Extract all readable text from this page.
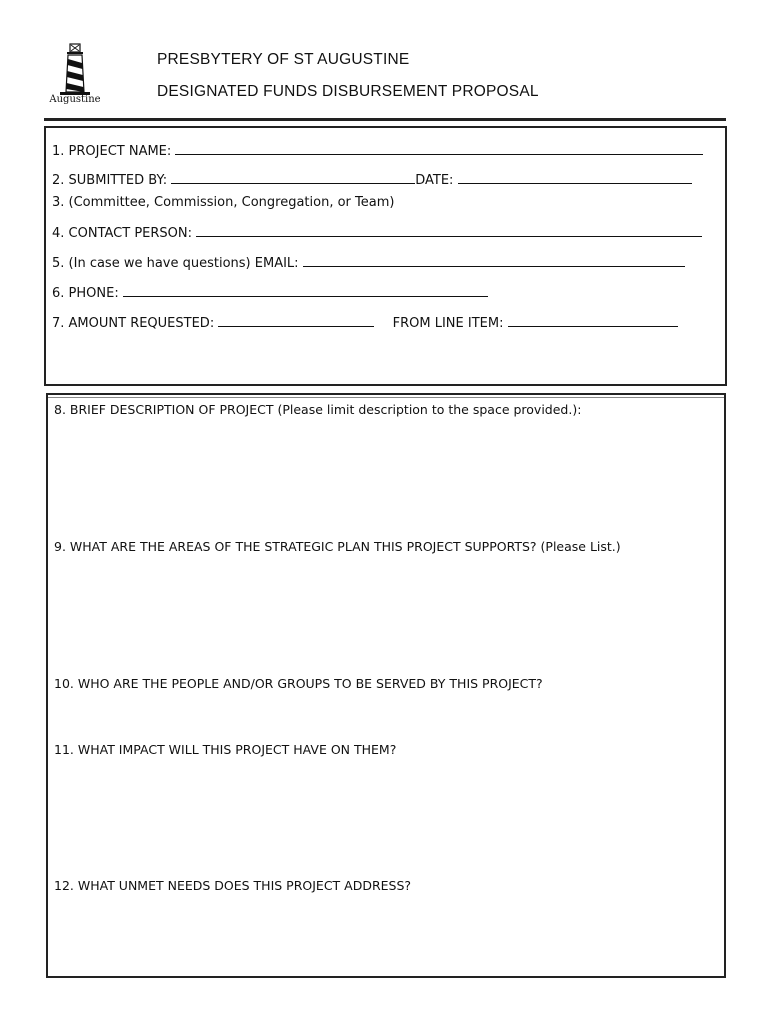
Augustine
PRESBYTERY OF ST AUGUSTINE
DESIGNATED FUNDS DISBURSEMENT PROPOSAL
1. PROJECT NAME:
2. SUBMITTED BY:	DATE:
3. (Committee, Commission, Congregation, or Team)
4. CONTACT PERSON:
5. (In case we have questions) EMAIL:
6. PHONE:
7. AMOUNT REQUESTED:	FROM LINE ITEM:
8. BRIEF DESCRIPTION OF PROJECT (Please limit description to the space provided.):
9. WHAT ARE THE AREAS OF THE STRATEGIC PLAN THIS PROJECT SUPPORTS? (Please List.)
10. WHO ARE THE PEOPLE AND/OR GROUPS TO BE SERVED BY THIS PROJECT?
11. WHAT IMPACT WILL THIS PROJECT HAVE ON THEM?
12. WHAT UNMET NEEDS DOES THIS PROJECT ADDRESS?
